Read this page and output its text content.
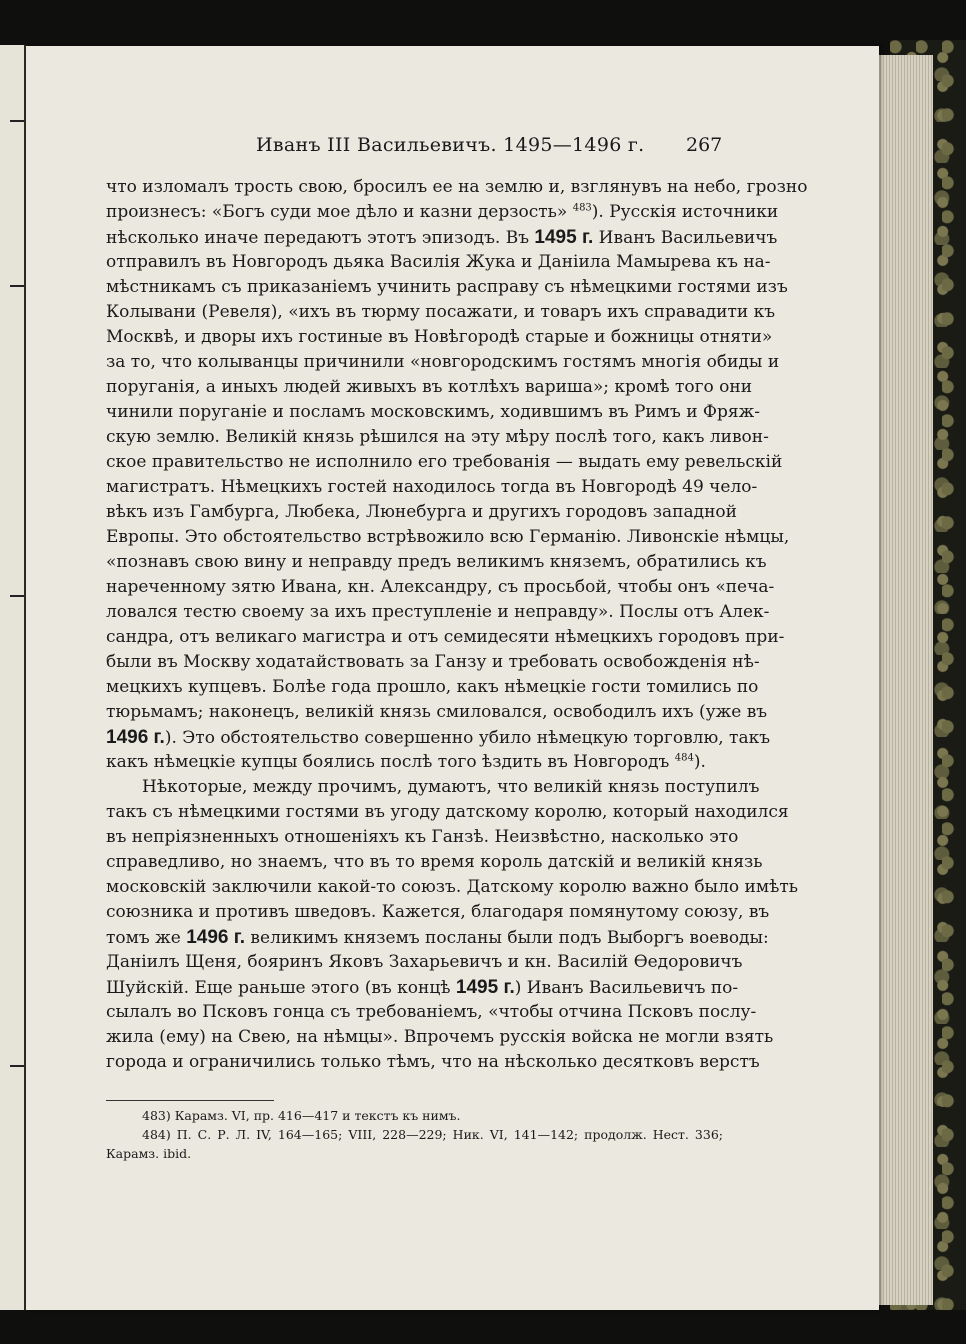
Иванъ III Васильевичъ. 1495—1496 г. 267
что изломалъ трость свою, бросилъ ее на землю и, взглянувъ на небо, грозно
произнесъ: «Богъ суди мое дѣло и казни дерзость» $^{483}$). Русскія источники
нѣсколько иначе передаютъ этотъ эпизодъ. Въ 1495 г. Иванъ Васильевичъ
отправилъ въ Новгородъ дьяка Василія Жука и Даніила Мамырева къ на-
мѣстникамъ съ приказаніемъ учинить расправу съ нѣмецкими гостями изъ
Колывани (Ревеля), «ихъ въ тюрму посажати, и товаръ ихъ справадити къ
Москвѣ, и дворы ихъ гостиные въ Новѣгородѣ старые и божницы отняти»
за то, что колыванцы причинили «новгородскимъ гостямъ многія обиды и
поруганія, а иныхъ людей живыхъ въ котлѣхъ вариша»; кромѣ того они
чинили поруганіе и посламъ московскимъ, ходившимъ въ Римъ и Фряж-
скую землю. Великій князь рѣшился на эту мѣру послѣ того, какъ ливон-
ское правительство не исполнило его требованія — выдать ему ревельскій
магистратъ. Нѣмецкихъ гостей находилось тогда въ Новгородѣ 49 чело-
вѣкъ изъ Гамбурга, Любека, Люнебурга и другихъ городовъ западной
Европы. Это обстоятельство встрѣвожило всю Германію. Ливонскіе нѣмцы,
«познавъ свою вину и неправду предъ великимъ княземъ, обратились къ
нареченному зятю Ивана, кн. Александру, съ просьбой, чтобы онъ «печа-
ловался тестю своему за ихъ преступленіе и неправду». Послы отъ Алек-
сандра, отъ великаго магистра и отъ семидесяти нѣмецкихъ городовъ при-
были въ Москву ходатайствовать за Ганзу и требовать освобожденія нѣ-
мецкихъ купцевъ. Болѣе года прошло, какъ нѣмецкіе гости томились по
тюрьмамъ; наконецъ, великій князь смиловался, освободилъ ихъ (уже въ
1496 г.). Это обстоятельство совершенно убило нѣмецкую торговлю, такъ
какъ нѣмецкіе купцы боялись послѣ того ѣздить въ Новгородъ $^{484}$).
Нѣкоторые, между прочимъ, думаютъ, что великій князь поступилъ
такъ съ нѣмецкими гостями въ угоду датскому королю, который находился
въ непріязненныхъ отношеніяхъ къ Ганзѣ. Неизвѣстно, насколько это
справедливо, но знаемъ, что въ то время король датскій и великій князь
московскій заключили какой-то союзъ. Датскому королю важно было имѣть
союзника и противъ шведовъ. Кажется, благодаря помянутому союзу, въ
томъ же 1496 г. великимъ княземъ посланы были подъ Выборгъ воеводы:
Даніилъ Щеня, бояринъ Яковъ Захарьевичъ и кн. Василій Өедоровичъ
Шуйскій. Еще раньше этого (въ концѣ 1495 г.) Иванъ Васильевичъ по-
сылалъ во Псковъ гонца съ требованіемъ, «чтобы отчина Псковъ послу-
жила (ему) на Свею, на нѣмцы». Впрочемъ русскія войска не могли взять
города и ограничились только тѣмъ, что на нѣсколько десятковъ верстъ
483) Карамз. VI, пр. 416—417 и текстъ къ нимъ.
484) П. С. Р. Л. IV, 164—165; VIII, 228—229; Ник. VI, 141—142; продолж. Нест. 336;
Карамз. ibid.
